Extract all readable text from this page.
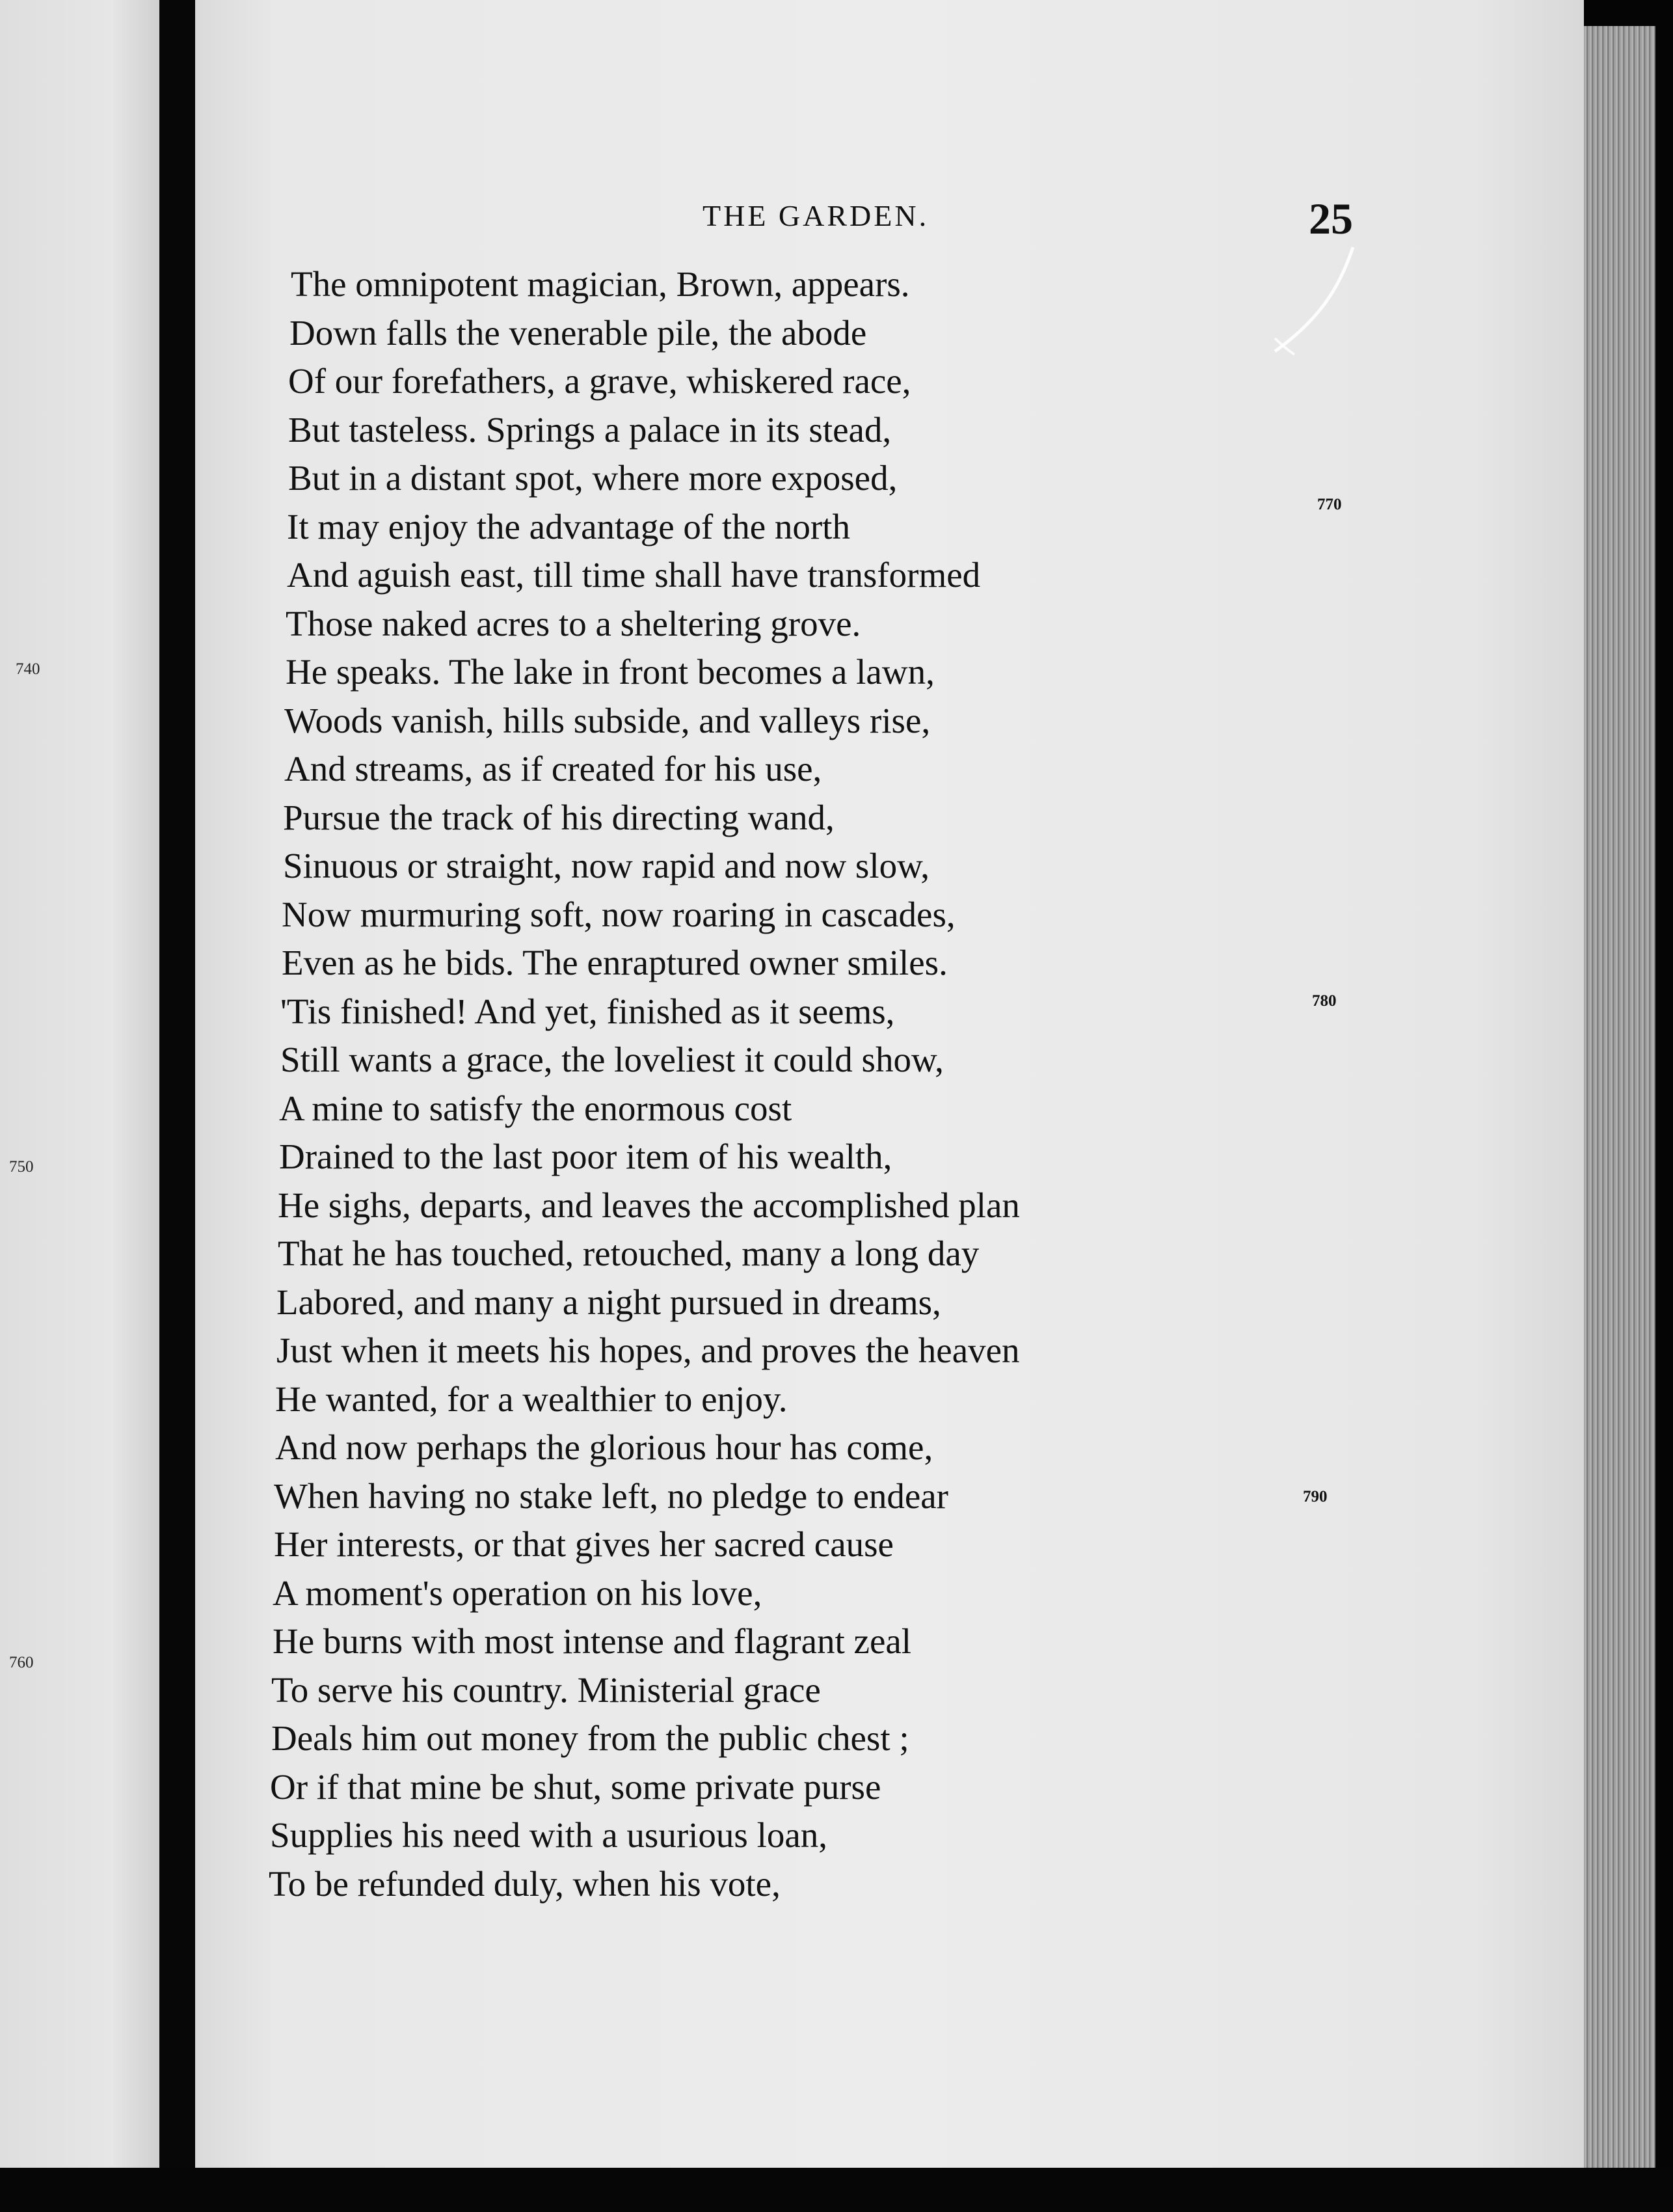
740
750
760
THE GARDEN.	25
The omnipotent magician, Brown, appears.
Down falls the venerable pile, the abode
Of our forefathers, a grave, whiskered race,
But tasteless. Springs a palace in its stead,
But in a distant spot, where more exposed,
It may enjoy the advantage of the north
And aguish east, till time shall have transformed
Those naked acres to a sheltering grove.
He speaks. The lake in front becomes a lawn,
Woods vanish, hills subside, and valleys rise,
And streams, as if created for his use,
Pursue the track of his directing wand,
Sinuous or straight, now rapid and now slow,
Now murmuring soft, now roaring in cascades,
Even as he bids. The enraptured owner smiles.
'Tis finished! And yet, finished as it seems,
Still wants a grace, the loveliest it could show,
A mine to satisfy the enormous cost
Drained to the last poor item of his wealth,
He sighs, departs, and leaves the accomplished plan
That he has touched, retouched, many a long day
Labored, and many a night pursued in dreams,
Just when it meets his hopes, and proves the heaven
He wanted, for a wealthier to enjoy.
And now perhaps the glorious hour has come,
When having no stake left, no pledge to endear
Her interests, or that gives her sacred cause
A moment's operation on his love,
He burns with most intense and flagrant zeal
To serve his country. Ministerial grace
Deals him out money from the public chest ;
Or if that mine be shut, some private purse
Supplies his need with a usurious loan,
To be refunded duly, when his vote,
770
780
790
